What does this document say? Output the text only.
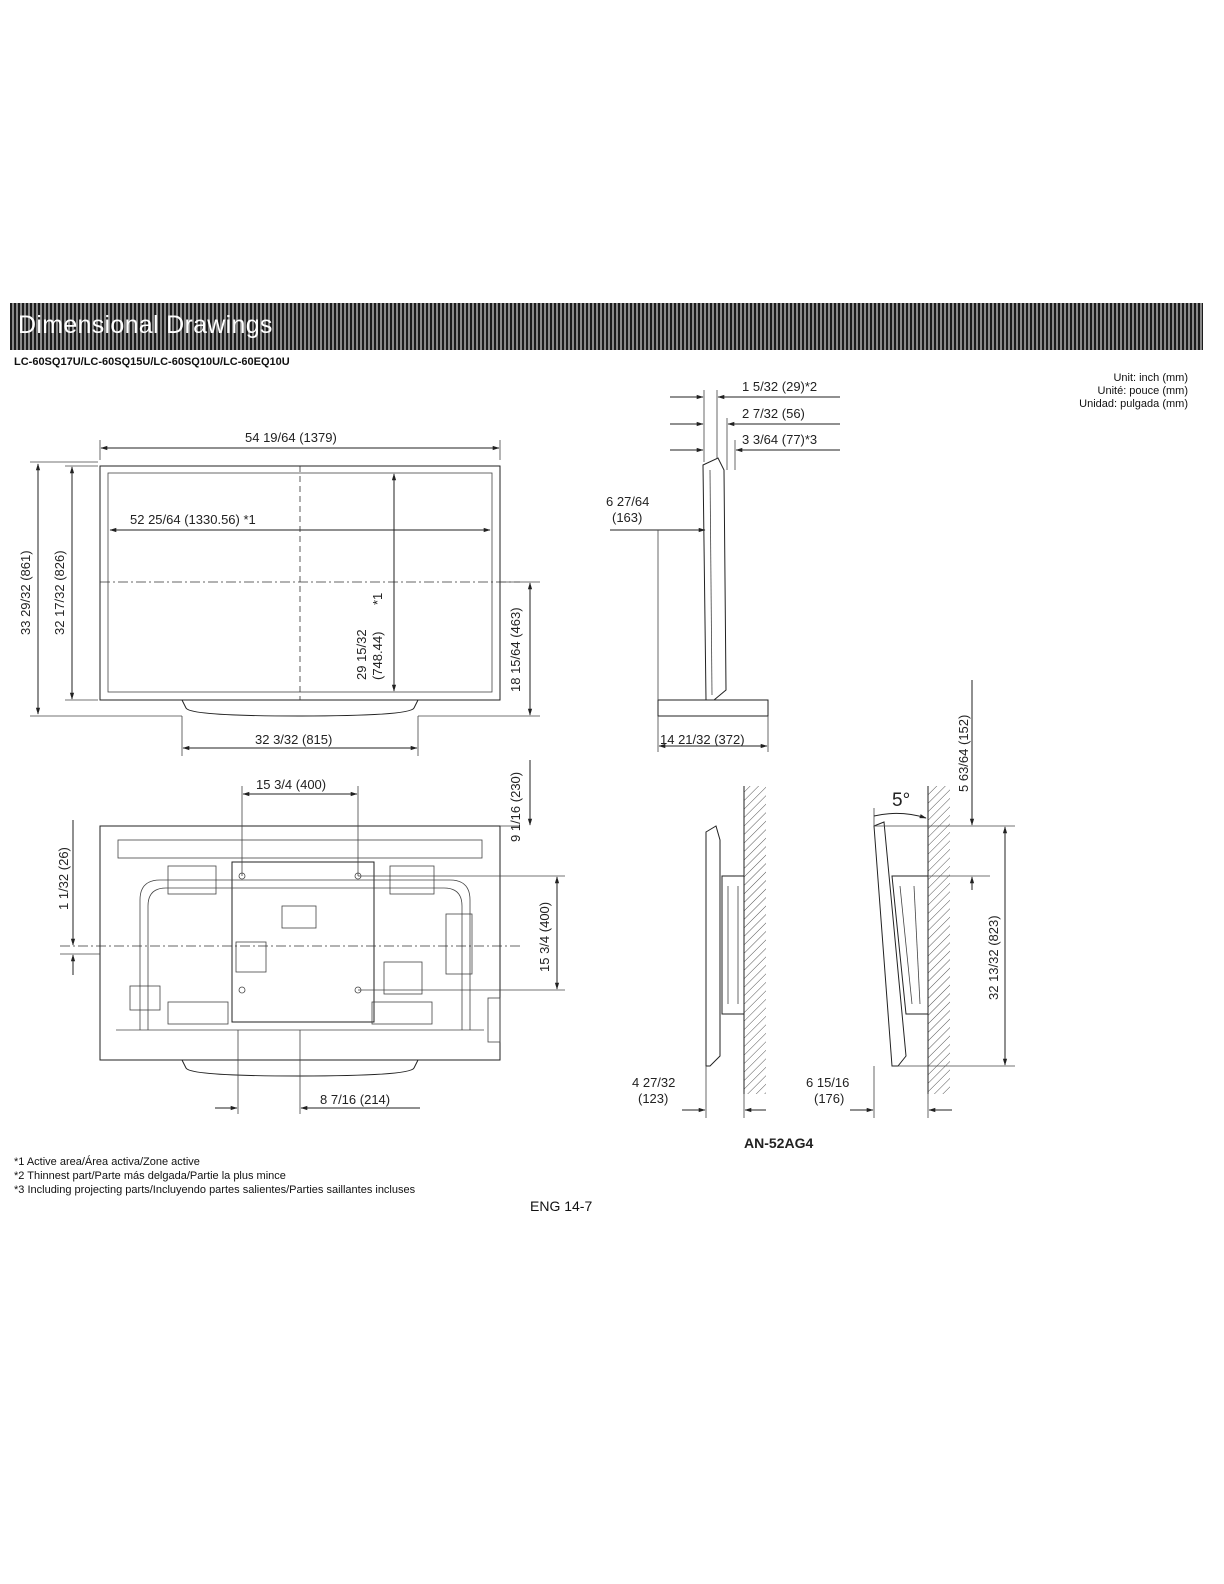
Dimensional Drawings
LC-60SQ17U/LC-60SQ15U/LC-60SQ10U/LC-60EQ10U
Unit: inch (mm)
Unité: pouce (mm)
Unidad: pulgada (mm)
54 19/64 (1379)
52 25/64 (1330.56) *1
29 15/32 (748.44)
*1
33 29/32 (861) 32 17/32 (826)
18 15/64 (463)
32 3/32 (815)
1 5/32 (29)*2
2 7/32 (56)
3 3/64 (77)*3
6 27/64
(163)
14 21/32 (372)
15 3/4 (400)	9 1/16 (230)
15 3/4 (400)
1 1/32 (26)
8 7/16 (214)
4 27/32
(123)
5°
5 63/64 (152)
32 13/32 (823)
6 15/16
(176)
AN-52AG4
*1 Active area/Área activa/Zone active
*2 Thinnest part/Parte más delgada/Partie la plus mince
*3 Including projecting parts/Incluyendo partes salientes/Parties saillantes incluses
ENG 14-7
